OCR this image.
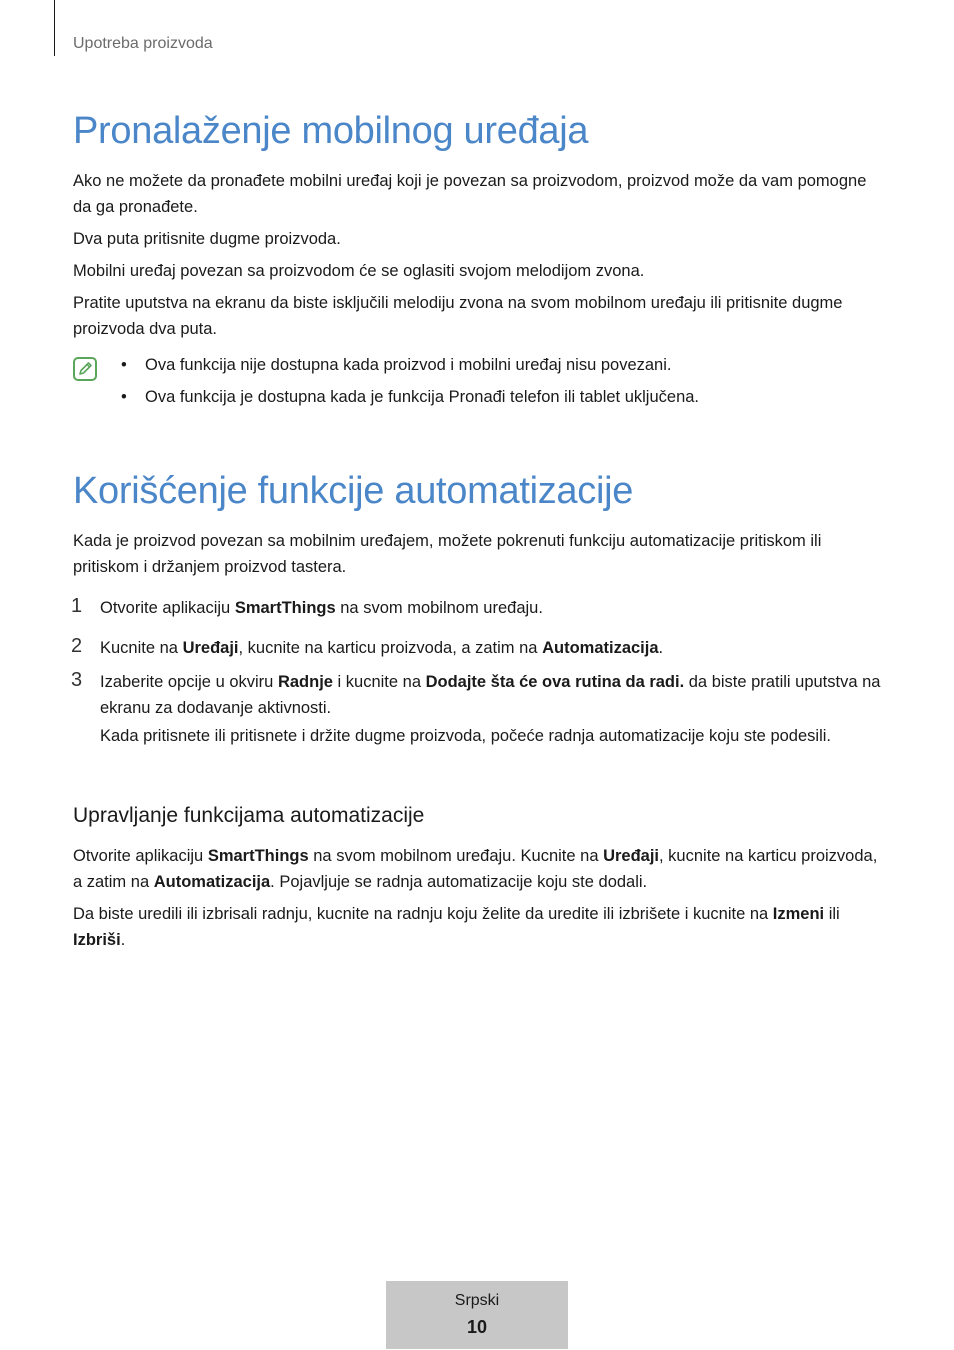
Upotreba proizvoda
Pronalaženje mobilnog uređaja

Ako ne možete da pronađete mobilni uređaj koji je povezan sa proizvodom, proizvod može da vam pomogne da ga pronađete.

Dva puta pritisnite dugme proizvoda.

Mobilni uređaj povezan sa proizvodom će se oglasiti svojom melodijom zvona.

Pratite uputstva na ekranu da biste isključili melodiju zvona na svom mobilnom uređaju ili pritisnite dugme proizvoda dva puta.

• Ova funkcija nije dostupna kada proizvod i mobilni uređaj nisu povezani.
• Ova funkcija je dostupna kada je funkcija Pronađi telefon ili tablet uključena.
Korišćenje funkcije automatizacije

Kada je proizvod povezan sa mobilnim uređajem, možete pokrenuti funkciju automatizacije pritiskom ili pritiskom i držanjem proizvod tastera.

1 Otvorite aplikaciju SmartThings na svom mobilnom uređaju.
2 Kucnite na Uređaji, kucnite na karticu proizvoda, a zatim na Automatizacija.
3 Izaberite opcije u okviru Radnje i kucnite na Dodajte šta će ova rutina da radi. da biste pratili uputstva na ekranu za dodavanje aktivnosti.
Kada pritisnete ili pritisnete i držite dugme proizvoda, počeće radnja automatizacije koju ste podesili.
Upravljanje funkcijama automatizacije

Otvorite aplikaciju SmartThings na svom mobilnom uređaju. Kucnite na Uređaji, kucnite na karticu proizvoda, a zatim na Automatizacija. Pojavljuje se radnja automatizacije koju ste dodali.

Da biste uredili ili izbrisali radnju, kucnite na radnju koju želite da uredite ili izbrišete i kucnite na Izmeni ili Izbriši.

Srpski
10
